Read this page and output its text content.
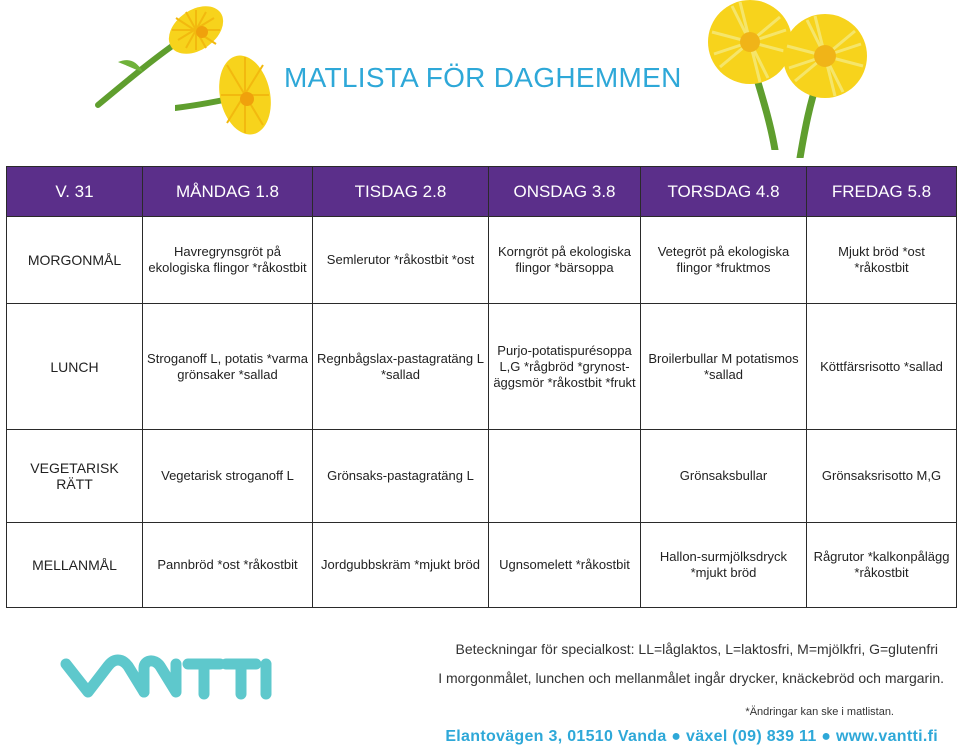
MATLISTA FÖR DAGHEMMEN
V. 31	MÅNDAG 1.8	TISDAG 2.8	ONSDAG 3.8	TORSDAG 4.8	FREDAG 5.8
MORGONMÅL	Havregrynsgröt på ekologiska flingor *råkostbit	Semlerutor *råkostbit *ost	Korngröt på ekologiska flingor *bärsoppa	Vetegröt på ekologiska flingor *fruktmos	Mjukt bröd *ost *råkostbit
LUNCH	Stroganoff L, potatis *varma grönsaker *sallad	Regnbågslax-pastagratäng L *sallad	Purjo-potatispurésoppa L,G *rågbröd *grynost-äggsmör *råkostbit *frukt	Broilerbullar M potatismos *sallad	Köttfärsrisotto *sallad
VEGETARISK RÄTT	Vegetarisk stroganoff L	Grönsaks-pastagratäng L		Grönsaksbullar	Grönsaksrisotto M,G
MELLANMÅL	Pannbröd *ost *råkostbit	Jordgubbskräm *mjukt bröd	Ugnsomelett *råkostbit	Hallon-surmjölksdryck *mjukt bröd	Rågrutor *kalkonpålägg *råkostbit
Beteckningar för specialkost: LL=låglaktos, L=laktosfri, M=mjölkfri, G=glutenfri
I morgonmålet, lunchen och mellanmålet ingår drycker, knäckebröd och margarin.
*Ändringar kan ske i matlistan.
Elantovägen 3, 01510 Vanda ● växel (09) 839 11 ● www.vantti.fi
